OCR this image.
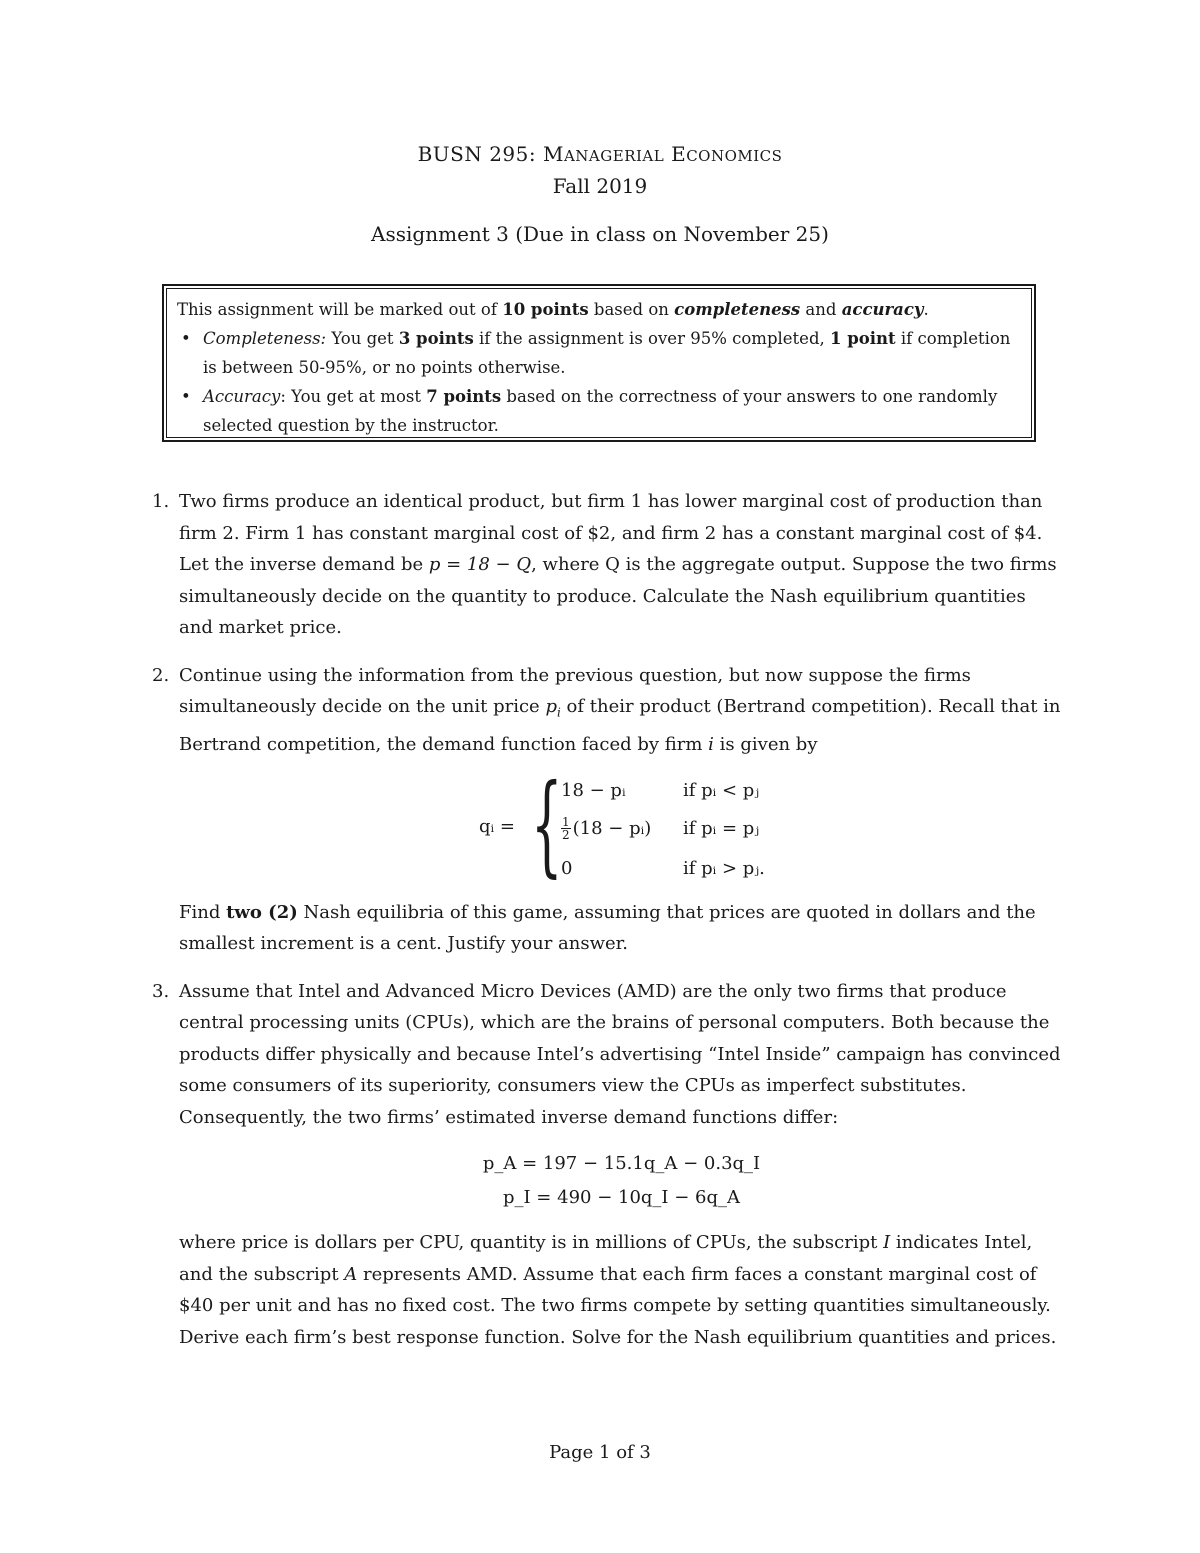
BUSN 295: MANAGERIAL ECONOMICS
Fall 2019
Assignment 3 (Due in class on November 25)
This assignment will be marked out of 10 points based on completeness and accuracy.
• Completeness: You get 3 points if the assignment is over 95% completed, 1 point if completion is between 50-95%, or no points otherwise.
• Accuracy: You get at most 7 points based on the correctness of your answers to one randomly selected question by the instructor.
1. Two firms produce an identical product, but firm 1 has lower marginal cost of production than firm 2. Firm 1 has constant marginal cost of $2, and firm 2 has a constant marginal cost of $4. Let the inverse demand be p = 18 − Q, where Q is the aggregate output. Suppose the two firms simultaneously decide on the quantity to produce. Calculate the Nash equilibrium quantities and market price.

2. Continue using the information from the previous question, but now suppose the firms simultaneously decide on the unit price $p_i$ of their product (Bertrand competition). Recall that in Bertrand competition, the demand function faced by firm i is given by

qᵢ = {
18 − pᵢ	if pᵢ < pⱼ
$\frac{1}{2} (18$ − pᵢ) if pᵢ = pⱼ
0	if pᵢ > pⱼ.

Find two (2) Nash equilibria of this game, assuming that prices are quoted in dollars and the smallest increment is a cent. Justify your answer.

3. Assume that Intel and Advanced Micro Devices (AMD) are the only two firms that produce central processing units (CPUs), which are the brains of personal computers. Both because the products differ physically and because Intel’s advertising “Intel Inside” campaign has convinced some consumers of its superiority, consumers view the CPUs as imperfect substitutes. Consequently, the two firms’ estimated inverse demand functions differ:

p_A = 197 − 15.1q_A − 0.3q_I
p_I = 490 − 10q_I − 6q_A

where price is dollars per CPU, quantity is in millions of CPUs, the subscript I indicates Intel, and the subscript A represents AMD. Assume that each firm faces a constant marginal cost of $40 per unit and has no fixed cost. The two firms compete by setting quantities simultaneously. Derive each firm’s best response function. Solve for the Nash equilibrium quantities and prices.

Page 1 of 3
